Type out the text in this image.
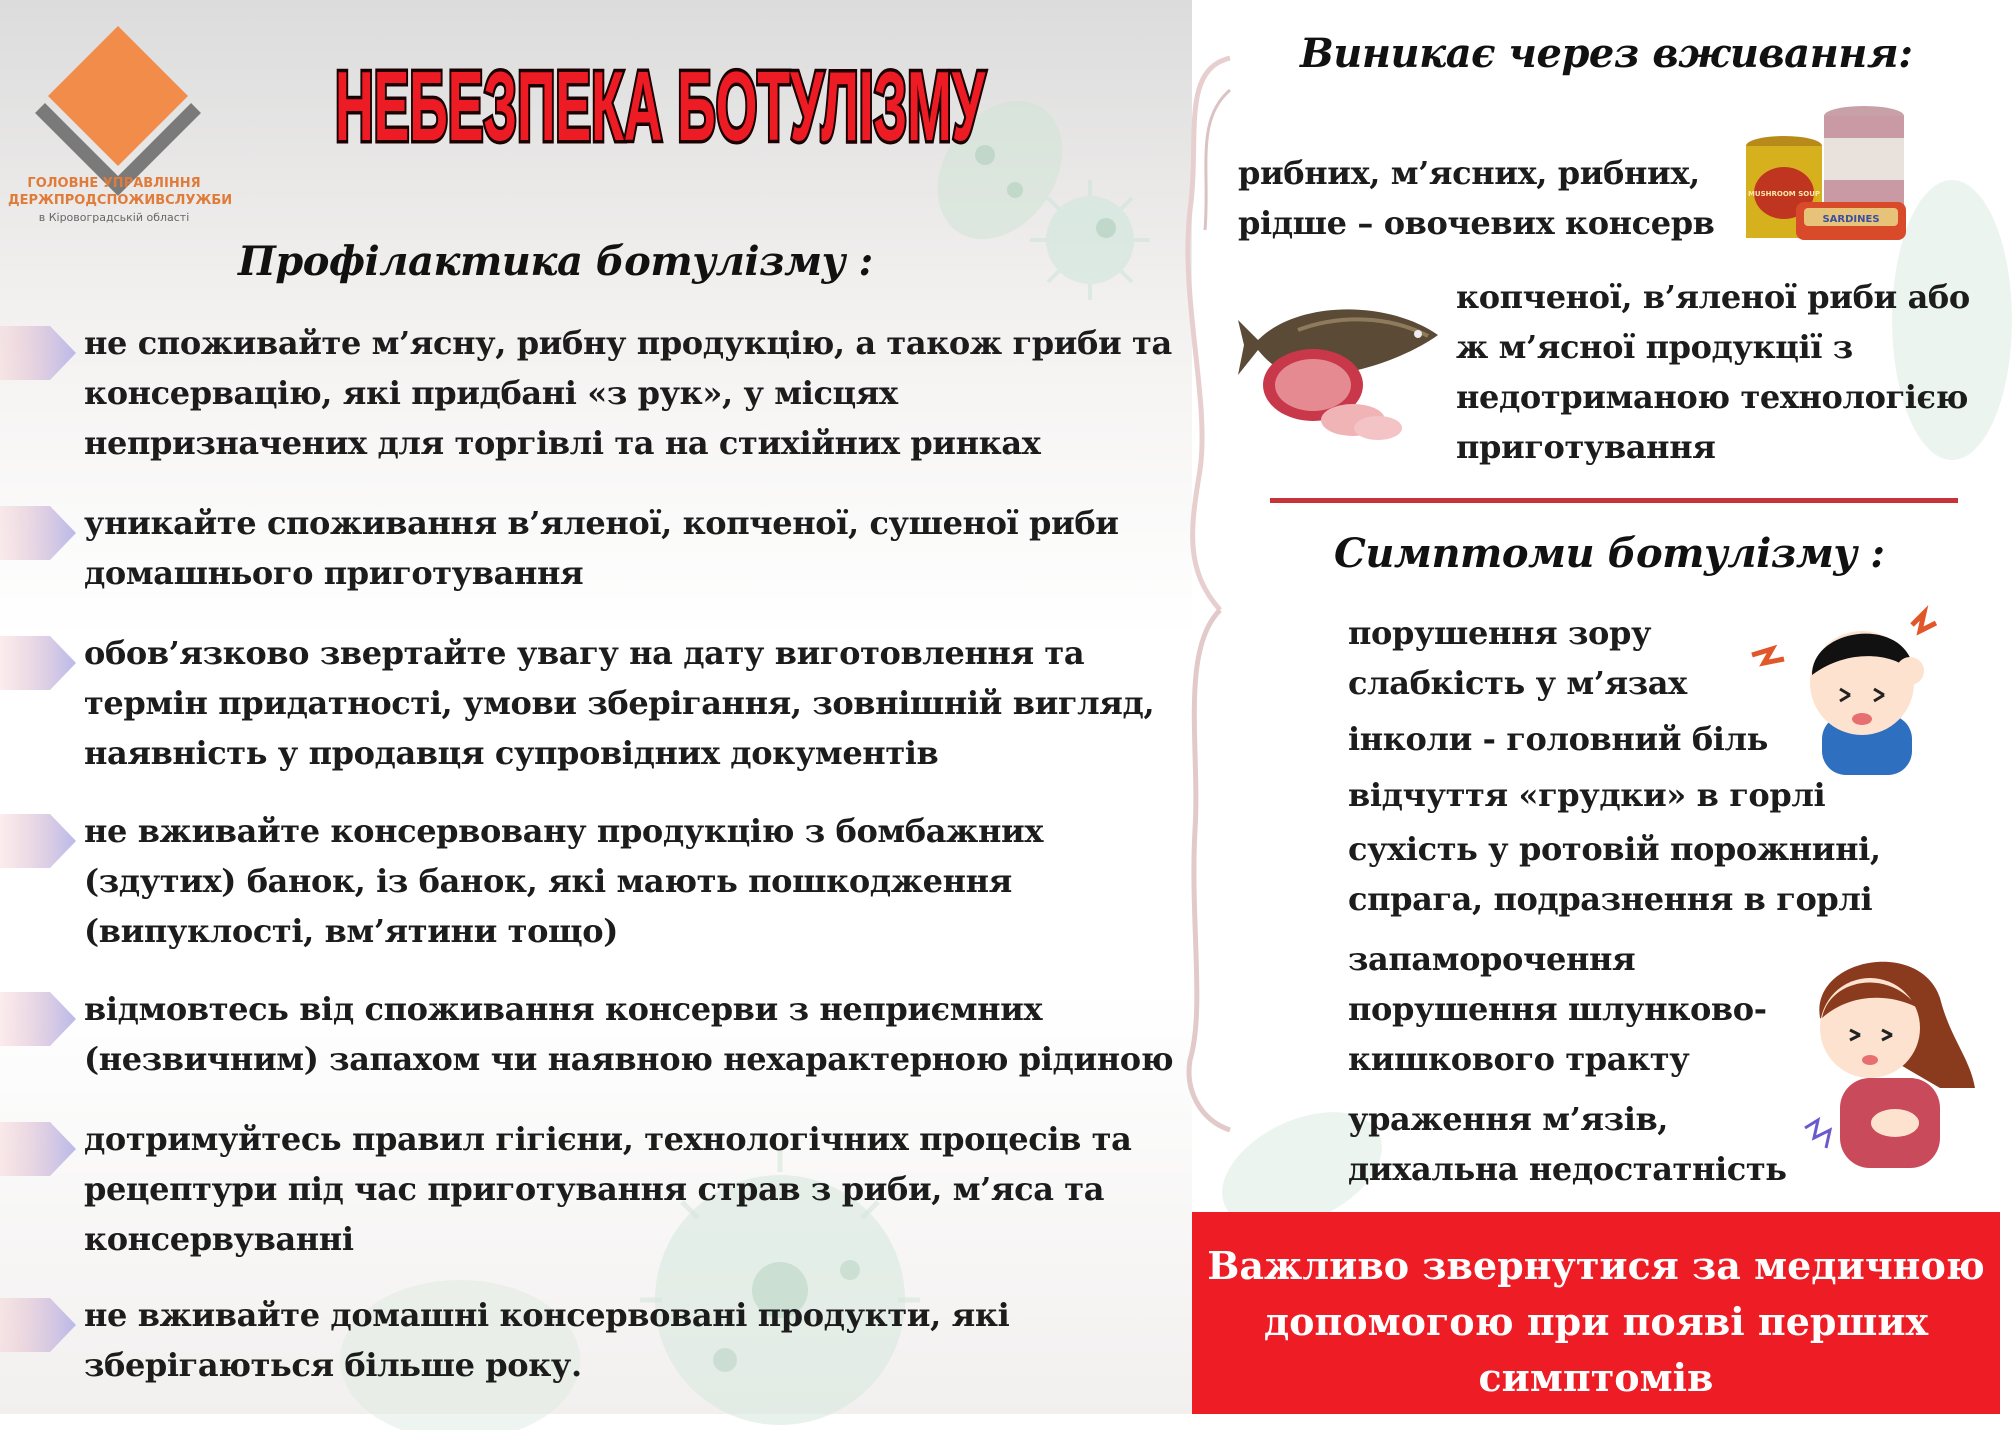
ГОЛОВНЕ УПРАВЛІННЯ
ДЕРЖПРОДСПОЖИВСЛУЖБИ
в Кіровоградській області
НЕБЕЗПЕКА БОТУЛІЗМУ
Профілактика ботулізму :
не споживайте м’ясну, рибну продукцію, а також гриби та консервацію, які придбані «з рук», у місцях непризначених для торгівлі та на стихійних ринках
уникайте споживання в’яленої, копченої, сушеної риби домашнього приготування
обов’язково звертайте увагу на дату виготовлення та термін придатності, умови зберігання, зовнішній вигляд, наявність у продавця супровідних документів
не вживайте консервовану продукцію з бомбажних (здутих) банок, із банок, які мають пошкодження (випуклості, вм’ятини тощо)
відмовтесь від споживання консерви з неприємних (незвичним) запахом чи наявною нехарактерною рідиною
дотримуйтесь правил гігієни, технологічних процесів та рецептури під час приготування страв з риби, м’яса та консервуванні
не вживайте домашні консервовані продукти, які зберігаються більше року.
Виникає через вживання:
рибних, м’ясних, рибних, рідше – овочевих консерв
MUSHROOM SOUP
SARDINES
копченої, в’яленої риби або ж м’ясної продукції з недотриманою технологією приготування
Симптоми ботулізму :
порушення зору
слабкість у м’язах
інколи - головний біль
відчуття «грудки» в горлі
сухість у ротовій порожнині,
спрага, подразнення в горлі
запаморочення
порушення шлунково-
кишкового тракту
ураження м’язів,
дихальна недостатність
Важливо звернутися за медичною
допомогою при появі перших
симптомів
